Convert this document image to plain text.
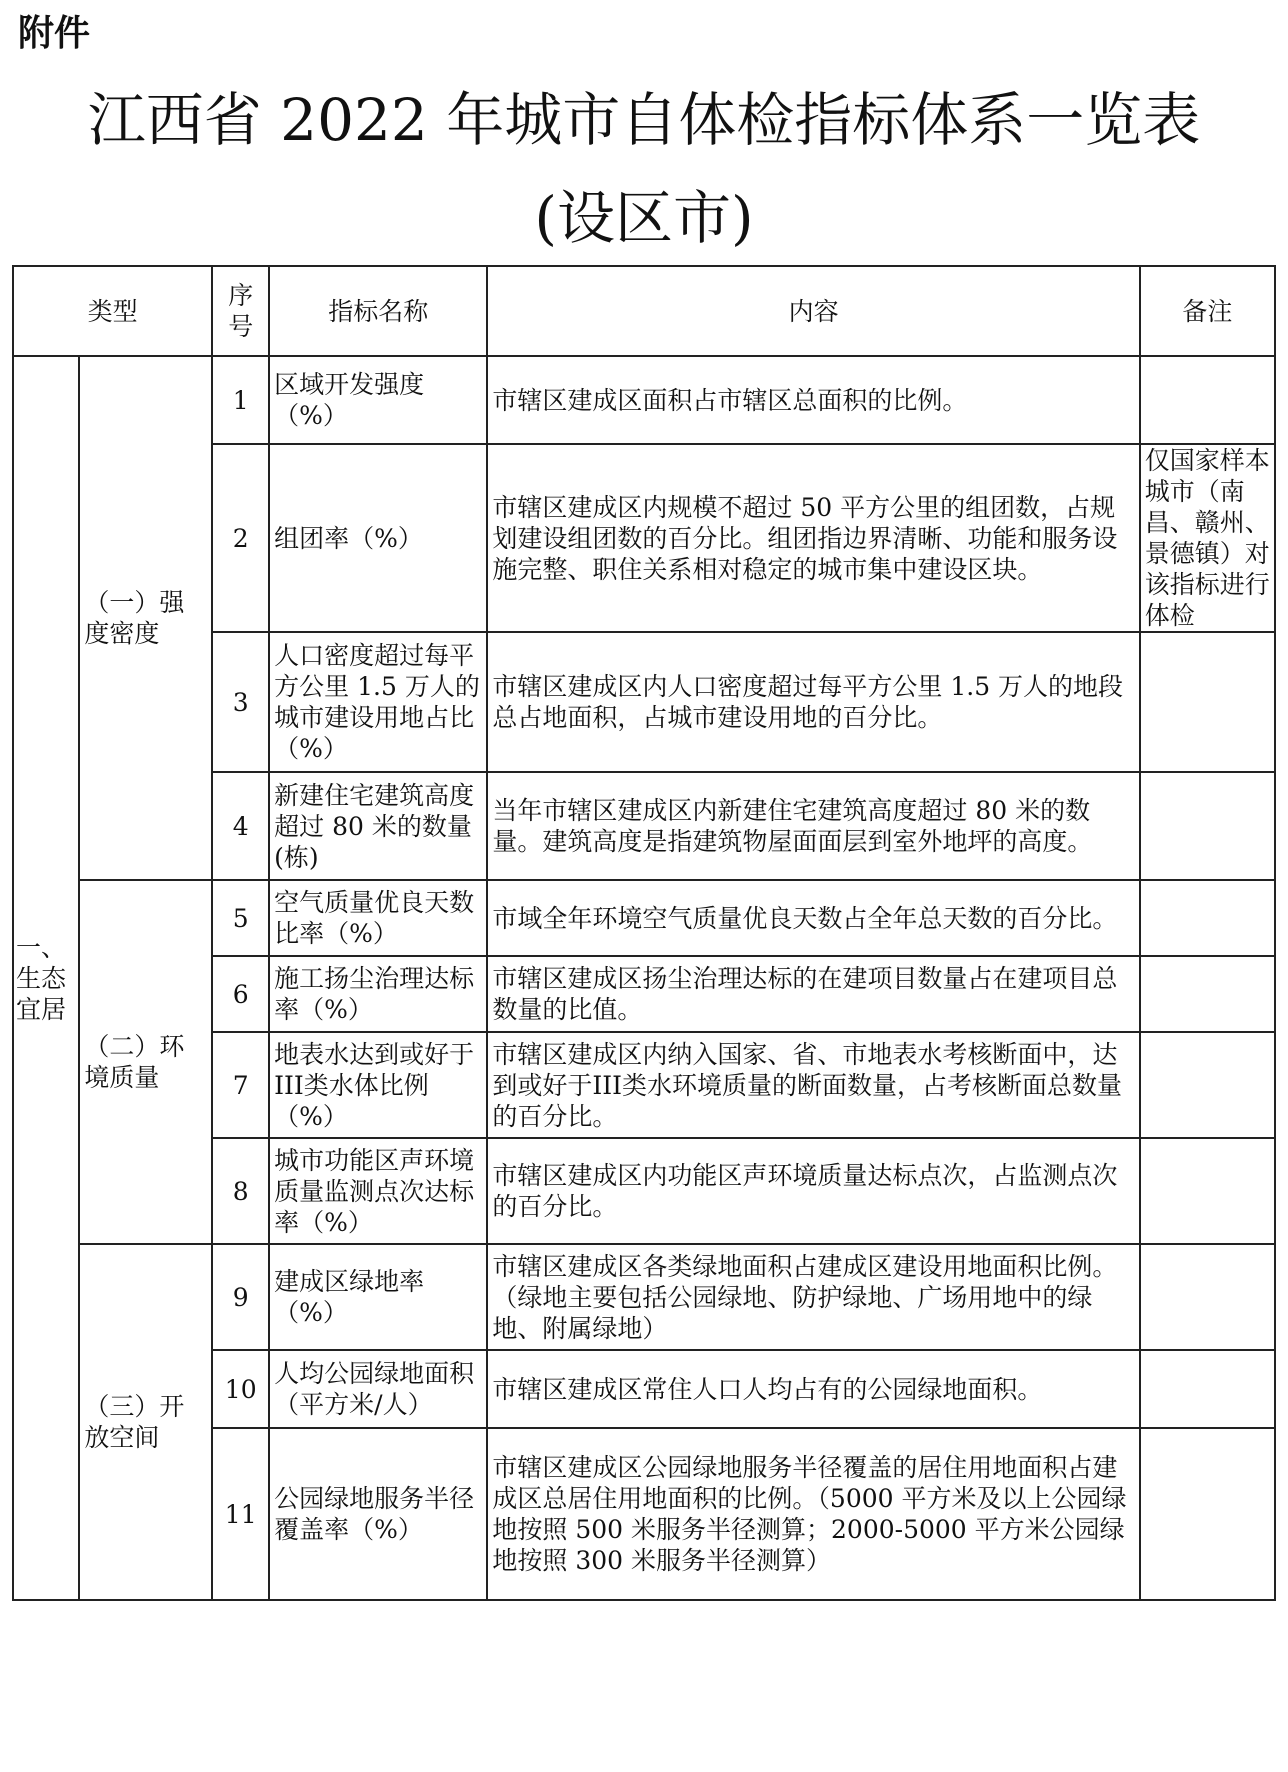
附件
江西省 2022 年城市自体检指标体系一览表
(设区市)
类型		序号	指标名称	内容	备注
一、生态宜居	（一）强度密度	1	区域开发强度（%）	市辖区建成区面积占市辖区总面积的比例。	
		2	组团率（%）	市辖区建成区内规模不超过 50 平方公里的组团数，占规划建设组团数的百分比。组团指边界清晰、功能和服务设施完整、职住关系相对稳定的城市集中建设区块。	仅国家样本城市（南昌、赣州、景德镇）对该指标进行体检
		3	人口密度超过每平方公里 1.5 万人的城市建设用地占比（%）	市辖区建成区内人口密度超过每平方公里 1.5 万人的地段总占地面积，占城市建设用地的百分比。	
		4	新建住宅建筑高度超过 80 米的数量(栋)	当年市辖区建成区内新建住宅建筑高度超过 80 米的数量。建筑高度是指建筑物屋面面层到室外地坪的高度。	
	（二）环境质量	5	空气质量优良天数比率（%）	市域全年环境空气质量优良天数占全年总天数的百分比。	
		6	施工扬尘治理达标率（%）	市辖区建成区扬尘治理达标的在建项目数量占在建项目总数量的比值。	
		7	地表水达到或好于III类水体比例（%）	市辖区建成区内纳入国家、省、市地表水考核断面中，达到或好于III类水环境质量的断面数量，占考核断面总数量的百分比。	
		8	城市功能区声环境质量监测点次达标率（%）	市辖区建成区内功能区声环境质量达标点次，占监测点次的百分比。	
	（三）开放空间	9	建成区绿地率（%）	市辖区建成区各类绿地面积占建成区建设用地面积比例。（绿地主要包括公园绿地、防护绿地、广场用地中的绿地、附属绿地）	
		10	人均公园绿地面积（平方米/人）	市辖区建成区常住人口人均占有的公园绿地面积。	
		11	公园绿地服务半径覆盖率（%）	市辖区建成区公园绿地服务半径覆盖的居住用地面积占建成区总居住用地面积的比例。（5000 平方米及以上公园绿地按照 500 米服务半径测算；2000-5000 平方米公园绿地按照 300 米服务半径测算）	
